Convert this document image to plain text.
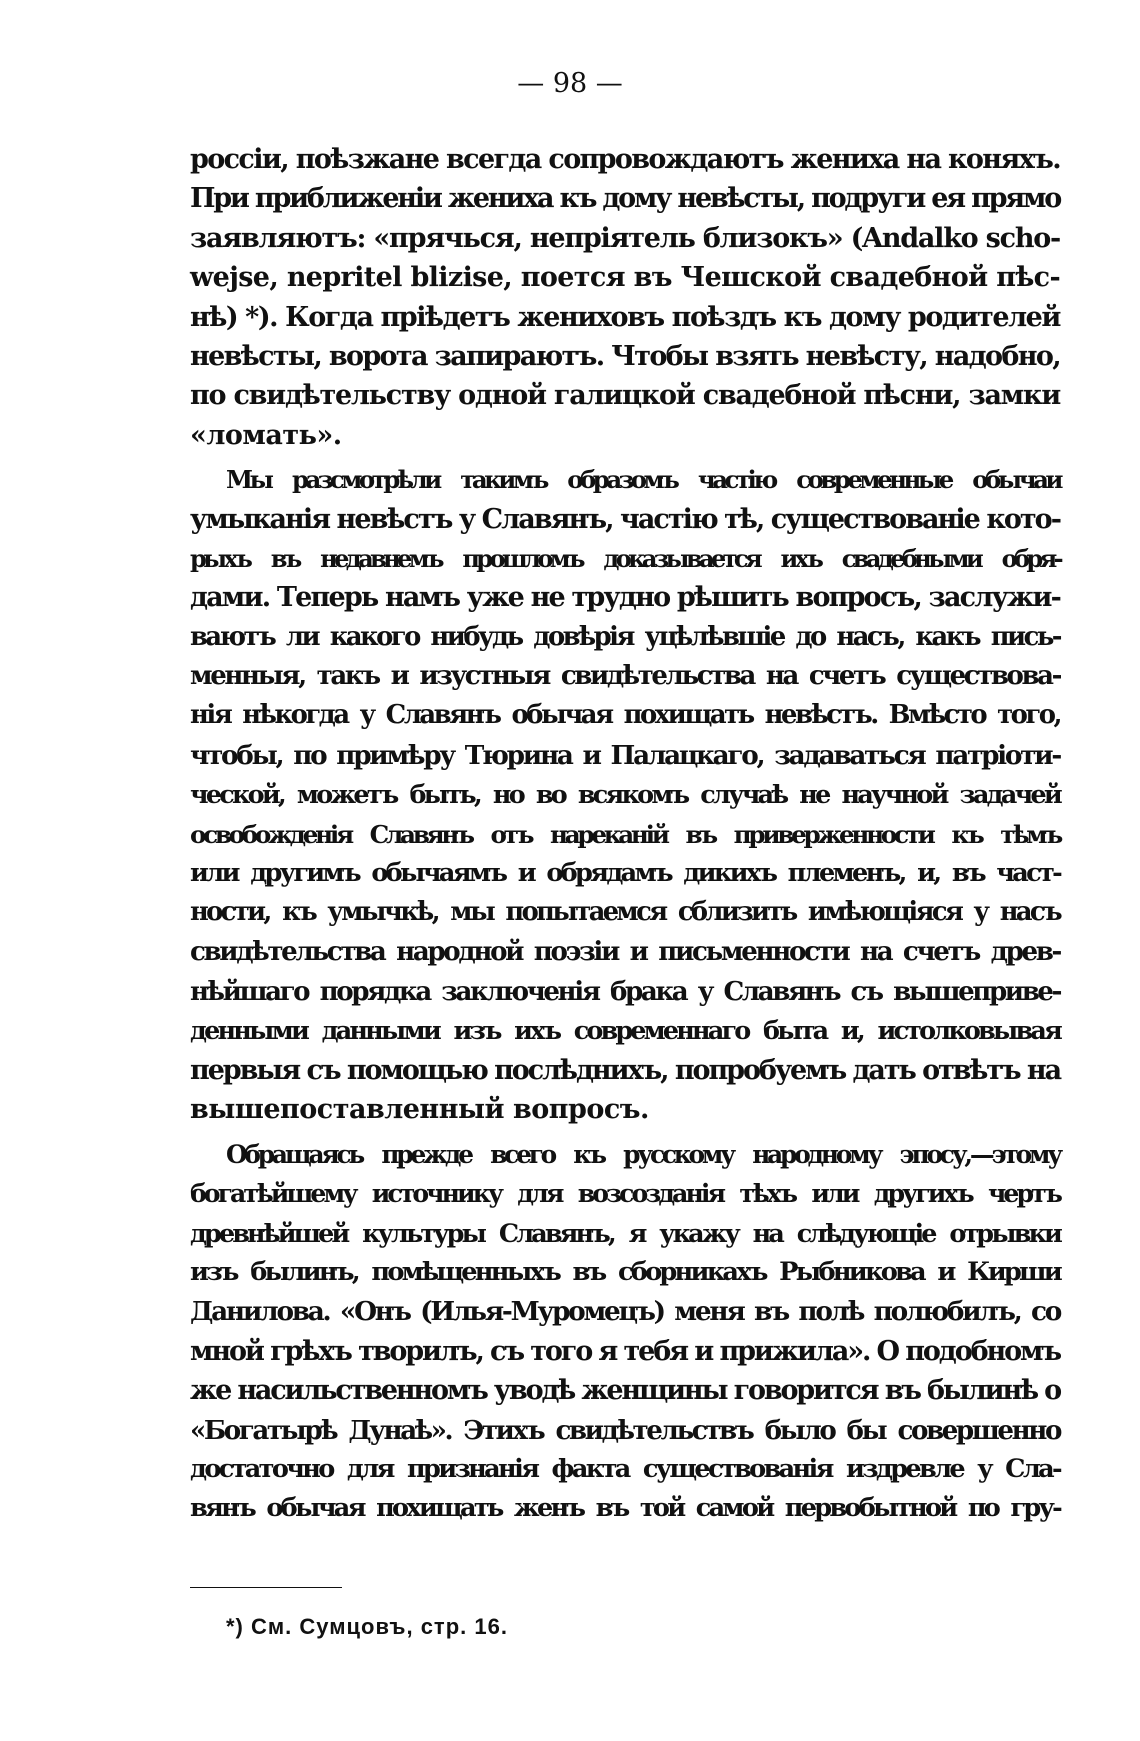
— 98 —
россіи, поѣзжане всегда сопровождаютъ жениха на коняхъ.
При приближеніи жениха къ дому невѣсты, подруги ея прямо
заявляютъ: «прячься, непріятель близокъ» (Andalko scho-
wejse, nepritel blizise, поется въ Чешской свадебной пѣс-
нѣ) *). Когда пріѣдетъ жениховъ поѣздъ къ дому родителей
невѣсты, ворота запираютъ. Чтобы взять невѣсту, надобно,
по свидѣтельству одной галицкой свадебной пѣсни, замки
«ломать».
Мы разсмотрѣли такимъ образомъ частію современные обычаи
умыканія невѣстъ у Славянъ, частію тѣ, существованіе кото-
рыхъ въ недавнемъ прошломъ доказывается ихъ свадебными обря-
дами. Теперь намъ уже не трудно рѣшить вопросъ, заслужи-
ваютъ ли какого нибудь довѣрія уцѣлѣвшіе до насъ, какъ пись-
менныя, такъ и изустныя свидѣтельства на счетъ существова-
нія нѣкогда у Славянъ обычая похищать невѣстъ. Вмѣсто того,
чтобы, по примѣру Тюрина и Палацкаго, задаваться патріоти-
ческой, можетъ быть, но во всякомъ случаѣ не научной задачей
освобожденія Славянъ отъ нареканій въ приверженности къ тѣмъ
или другимъ обычаямъ и обрядамъ дикихъ племенъ, и, въ част-
ности, къ умычкѣ, мы попытаемся сблизить имѣющіяся у насъ
свидѣтельства народной поэзіи и письменности на счетъ древ-
нѣйшаго порядка заключенія брака у Славянъ съ вышеприве-
денными данными изъ ихъ современнаго быта и, истолковывая
первыя съ помощью послѣднихъ, попробуемъ дать отвѣтъ на
вышепоставленный вопросъ.
Обращаясь прежде всего къ русскому народному эпосу,—этому
богатѣйшему источнику для возсозданія тѣхъ или другихъ чертъ
древнѣйшей культуры Славянъ, я укажу на слѣдующіе отрывки
изъ былинъ, помѣщенныхъ въ сборникахъ Рыбникова и Кирши
Данилова. «Онъ (Илья-Муромецъ) меня въ полѣ полюбилъ, со
мной грѣхъ творилъ, съ того я тебя и прижила». О подобномъ
же насильственномъ уводѣ женщины говорится въ былинѣ о
«Богатырѣ Дунаѣ». Этихъ свидѣтельствъ было бы совершенно
достаточно для признанія факта существованія издревле у Сла-
вянъ обычая похищать женъ въ той самой первобытной по гру-
*) См. Сумцовъ, стр. 16.
